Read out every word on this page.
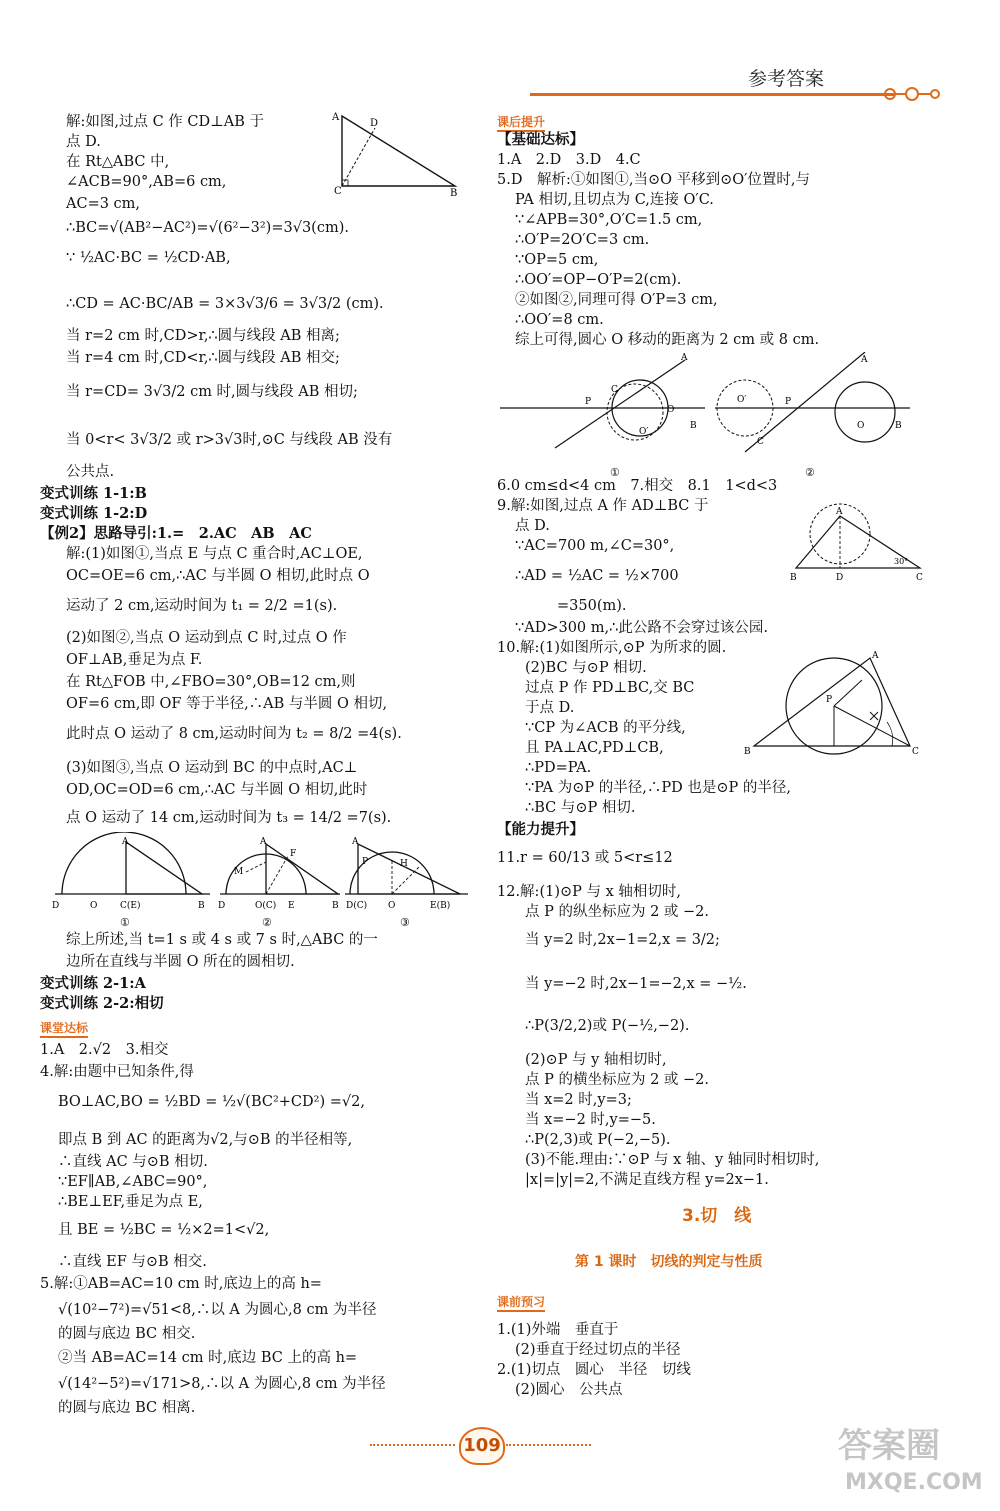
参考答案
解:如图,过点 C 作 CD⊥AB 于
点 D.
在 Rt△ABC 中,
∠ACB=90°,AB=6 cm,
AC=3 cm,
∴BC=√(AB²−AC²)=√(6²−3²)=3√3(cm).
∵ ½AC·BC = ½CD·AB,
∴CD = AC·BC/AB = 3×3√3/6 = 3√3/2 (cm).
当 r=2 cm 时,CD>r,∴圆与线段 AB 相离;
当 r=4 cm 时,CD<r,∴圆与线段 AB 相交;
当 r=CD= 3√3/2 cm 时,圆与线段 AB 相切;
当 0<r< 3√3/2 或 r>3√3时,⊙C 与线段 AB 没有
公共点.
变式训练 1-1:B
变式训练 1-2:D
【例2】思路导引:1.=　2.AC　AB　AC
解:(1)如图①,当点 E 与点 C 重合时,AC⊥OE,
OC=OE=6 cm,∴AC 与半圆 O 相切,此时点 O
运动了 2 cm,运动时间为 t₁ = 2/2 =1(s).
(2)如图②,当点 O 运动到点 C 时,过点 O 作
OF⊥AB,垂足为点 F.
在 Rt△FOB 中,∠FBO=30°,OB=12 cm,则
OF=6 cm,即 OF 等于半径,∴AB 与半圆 O 相切,
此时点 O 运动了 8 cm,运动时间为 t₂ = 8/2 =4(s).
(3)如图③,当点 O 运动到 BC 的中点时,AC⊥
OD,OC=OD=6 cm,∴AC 与半圆 O 相切,此时
点 O 运动了 14 cm,运动时间为 t₃ = 14/2 =7(s).
综上所述,当 t=1 s 或 4 s 或 7 s 时,△ABC 的一
边所在直线与半圆 O 所在的圆相切.
变式训练 2-1:A
变式训练 2-2:相切
课堂达标
1.A　2.√2　3.相交
4.解:由题中已知条件,得
BO⊥AC,BO = ½BD = ½√(BC²+CD²) =√2,
即点 B 到 AC 的距离为√2,与⊙B 的半径相等,
∴直线 AC 与⊙B 相切.
∵EF∥AB,∠ABC=90°,
∴BE⊥EF,垂足为点 E,
且 BE = ½BC = ½×2=1<√2,
∴直线 EF 与⊙B 相交.
5.解:①AB=AC=10 cm 时,底边上的高 h=
√(10²−7²)=√51<8,∴以 A 为圆心,8 cm 为半径
的圆与底边 BC 相交.
②当 AB=AC=14 cm 时,底边 BC 上的高 h=
√(14²−5²)=√171>8,∴以 A 为圆心,8 cm 为半径
的圆与底边 BC 相离.
A
D
C	B
D	O	C(E)	B
A	A
F
M
D	O(C) E	B
A
P	H
D(C) O	E(B)
①	②	③
课后提升
【基础达标】
1.A　2.D　3.D　4.C
5.D　解析:①如图①,当⊙O 平移到⊙O′位置时,与
PA 相切,且切点为 C,连接 O′C.
∵∠APB=30°,O′C=1.5 cm,
∴O′P=2O′C=3 cm.
∵OP=5 cm,
∴OO′=OP−O′P=2(cm).
②如图②,同理可得 O′P=3 cm,
∴OO′=8 cm.
综上可得,圆心 O 移动的距离为 2 cm 或 8 cm.
6.0 cm≤d<4 cm　7.相交　8.1　1<d<3
9.解:如图,过点 A 作 AD⊥BC 于
点 D.
∵AC=700 m,∠C=30°,
∴AD = ½AC = ½×700
=350(m).
∵AD>300 m,∴此公路不会穿过该公园.
10.解:(1)如图所示,⊙P 为所求的圆.
(2)BC 与⊙P 相切.
过点 P 作 PD⊥BC,交 BC
于点 D.
∵CP 为∠ACB 的平分线,
且 PA⊥AC,PD⊥CB,
∴PD=PA.
∵PA 为⊙P 的半径,∴PD 也是⊙P 的半径,
∴BC 与⊙P 相切.
【能力提升】
11.r = 60/13 或 5<r≤12
12.解:(1)⊙P 与 x 轴相切时,
点 P 的纵坐标应为 2 或 −2.
当 y=2 时,2x−1=2,x = 3/2;
当 y=−2 时,2x−1=−2,x = −½.
∴P(3/2,2)或 P(−½,−2).
(2)⊙P 与 y 轴相切时,
点 P 的横坐标应为 2 或 −2.
当 x=2 时,y=3;
当 x=−2 时,y=−5.
∴P(2,3)或 P(−2,−5).
(3)不能.理由:∵⊙P 与 x 轴、y 轴同时相切时,
|x|=|y|=2,不满足直线方程 y=2x−1.
3.切　线
第 1 课时　切线的判定与性质
课前预习
1.(1)外端　垂直于
(2)垂直于经过切点的半径
2.(1)切点　圆心　半径　切线
(2)圆心　公共点
P
C
O′
O
B
A
O′	P
C
O	B
A
①	②
A
B	D	C
30°
B
A
P
C
109	答案圈
MXQE.COM
